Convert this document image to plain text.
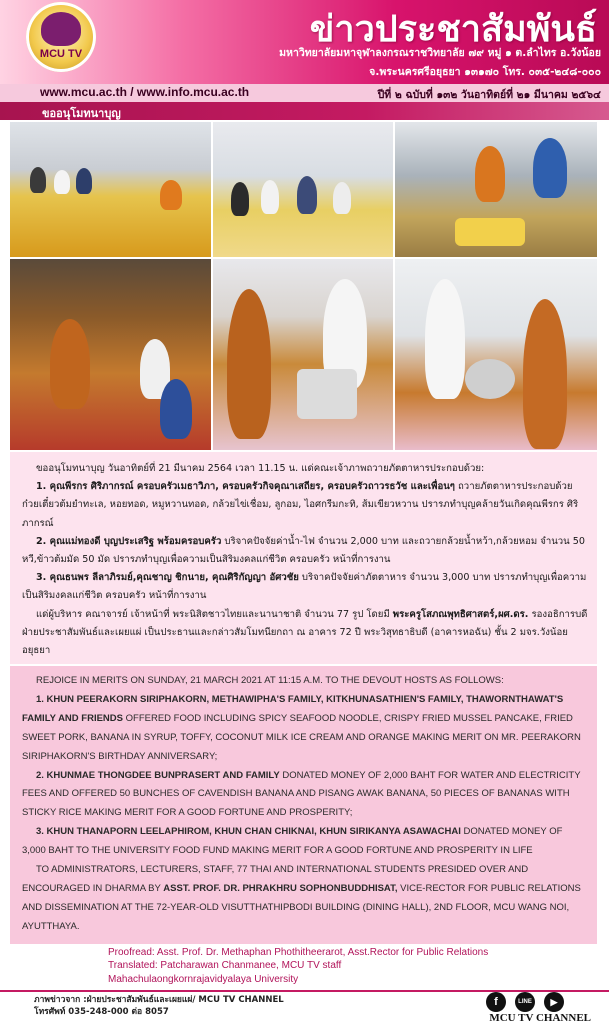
MCU TV
ข่าวประชาสัมพันธ์
มหาวิทยาลัยมหาจุฬาลงกรณราชวิทยาลัย ๗๙ หมู่ ๑ ต.ลำไทร อ.วังน้อย
จ.พระนครศรีอยุธยา ๑๓๑๗๐ โทร. ๐๓๕-๒๔๘-๐๐๐
www.mcu.ac.th / www.info.mcu.ac.th	ปีที่ ๒ ฉบับที่ ๑๓๒ วันอาทิตย์ที่ ๒๑ มีนาคม ๒๕๖๔
ขออนุโมทนาบุญ

ขออนุโมทนาบุญ วันอาทิตย์ที่ 21 มีนาคม 2564 เวลา 11.15 น. แด่คณะเจ้าภาพถวายภัตตาหารประกอบด้วย:

1. คุณพีรกร ศิริภากรณ์ ครอบครัวเมธาวิภา, ครอบครัวกิจคุณาเสถียร, ครอบครัวถาวรธวัช และเพื่อนๆ ถวายภัตตาหารประกอบด้วย ก๋วยเตี๋ยวต้มยำทะเล, หอยทอด, หมูหวานทอด, กล้วยไข่เชื่อม, ลูกอม, ไอศกรีมกะทิ, ส้มเขียวหวาน ปรารภทำบุญคล้ายวันเกิดคุณพีรกร ศิริภากรณ์

2. คุณแม่ทองดี บุญประเสริฐ พร้อมครอบครัว บริจาคปัจจัยค่าน้ำ-ไฟ จำนวน 2,000 บาท และถวายกล้วยน้ำหว้า,กล้วยหอม จำนวน 50 หวี,ข้าวต้มมัด 50 มัด ปรารภทำบุญเพื่อความเป็นสิริมงคลแก่ชีวิต ครอบครัว หน้าที่การงาน

3. คุณธนพร ลีลาภิรมย์,คุณชาญ ชิกนาย, คุณศิริกัญญา อัศวชัย บริจาคปัจจัยค่าภัตตาหาร จำนวน 3,000 บาท ปรารภทำบุญเพื่อความเป็นสิริมงคลแก่ชีวิต ครอบครัว หน้าที่การงาน

แด่ผู้บริหาร คณาจารย์ เจ้าหน้าที่ พระนิสิตชาวไทยและนานาชาติ จำนวน 77 รูป โดยมี พระครูโสภณพุทธิศาสตร์,ผศ.ดร. รองอธิการบดีฝ่ายประชาสัมพันธ์และเผยแผ่ เป็นประธานและกล่าวสัมโมทนียกถา ณ อาคาร 72 ปี พระวิสุทธาธิบดี (อาคารหอฉัน) ชั้น 2 มจร.วังน้อย อยุธยา

REJOICE IN MERITS ON SUNDAY, 21 MARCH 2021 AT 11:15 A.M. TO THE DEVOUT HOSTS AS FOLLOWS:

1. KHUN PEERAKORN SIRIPHAKORN, METHAWIPHA'S FAMILY, KITKHUNASATHIEN'S FAMILY, THAWORNTHAWAT'S FAMILY AND FRIENDS OFFERED FOOD INCLUDING SPICY SEAFOOD NOODLE, CRISPY FRIED MUSSEL PANCAKE, FRIED SWEET PORK, BANANA IN SYRUP, TOFFY, COCONUT MILK ICE CREAM AND ORANGE MAKING MERIT ON MR. PEERAKORN SIRIPHAKORN'S BIRTHDAY ANNIVERSARY;

2. KHUNMAE THONGDEE BUNPRASERT AND FAMILY DONATED MONEY OF 2,000 BAHT FOR WATER AND ELECTRICITY FEES AND OFFERED 50 BUNCHES OF CAVENDISH BANANA AND PISANG AWAK BANANA, 50 PIECES OF BANANAS WITH STICKY RICE MAKING MERIT FOR A GOOD FORTUNE AND PROSPERITY;

3. KHUN THANAPORN LEELAPHIROM, KHUN CHAN CHIKNAI, KHUN SIRIKANYA ASAWACHAI DONATED MONEY OF 3,000 BAHT TO THE UNIVERSITY FOOD FUND MAKING MERIT FOR A GOOD FORTUNE AND PROSPERITY IN LIFE

TO ADMINISTRATORS, LECTURERS, STAFF, 77 THAI AND INTERNATIONAL STUDENTS PRESIDED OVER AND ENCOURAGED IN DHARMA BY ASST. PROF. DR. PHRAKHRU SOPHONBUDDHISAT, VICE-RECTOR FOR PUBLIC RELATIONS AND DISSEMINATION AT THE 72-YEAR-OLD VISUTTHATHIPBODI BUILDING (DINING HALL), 2ND FLOOR, MCU WANG NOI, AYUTTHAYA.

Proofread: Asst. Prof. Dr. Methaphan Phothitheerarot, Asst.Rector for Public Relations
Translated: Patcharawan Chanmanee, MCU TV staff
Mahachulaongkornrajavidyalaya University
ภาพข่าวจาก :ฝ่ายประชาสัมพันธ์และเผยแผ่/ MCU TV CHANNEL
โทรศัพท์ 035-248-000 ต่อ 8057
f	LINE	▶
MCU TV CHANNEL
